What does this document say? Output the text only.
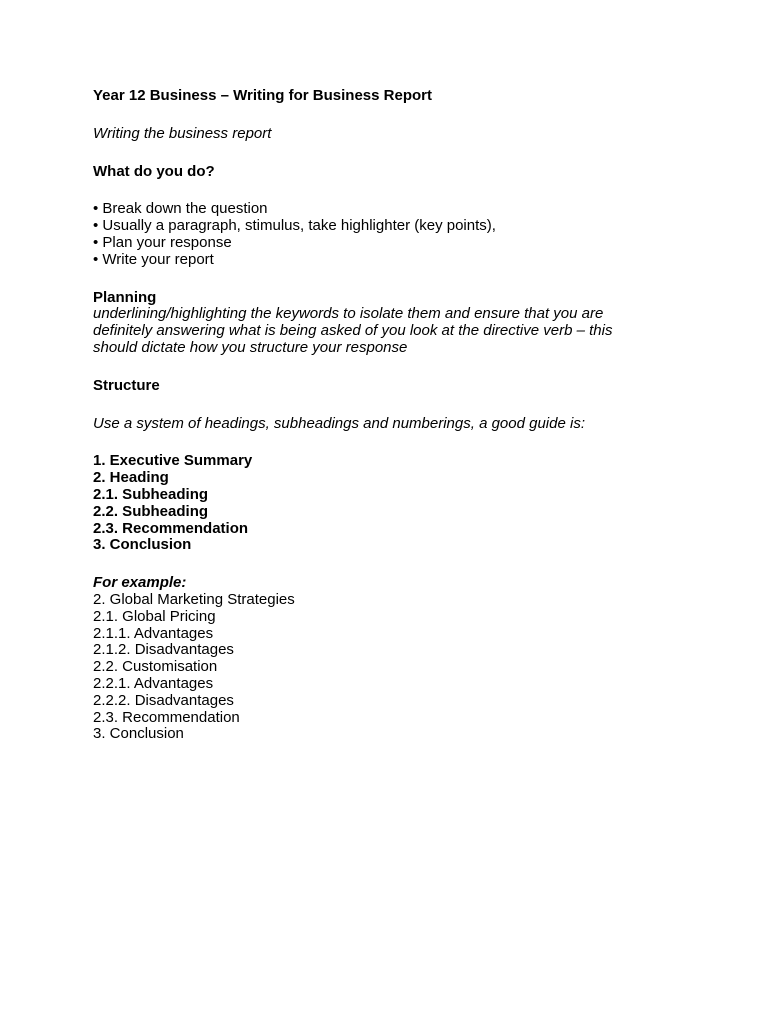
Year 12 Business – Writing for Business Report
Writing the business report
What do you do?
• Break down the question
• Usually a paragraph, stimulus, take highlighter (key points),
• Plan your response
• Write your report
Planning
underlining/highlighting the keywords to isolate them and ensure that you are
definitely answering what is being asked of you look at the directive verb – this
should dictate how you structure your response
Structure
Use a system of headings, subheadings and numberings, a good guide is:
1. Executive Summary
2. Heading
2.1. Subheading
2.2. Subheading
2.3. Recommendation
3. Conclusion
For example:
2. Global Marketing Strategies
2.1. Global Pricing
2.1.1. Advantages
2.1.2. Disadvantages
2.2. Customisation
2.2.1. Advantages
2.2.2. Disadvantages
2.3. Recommendation
3. Conclusion
